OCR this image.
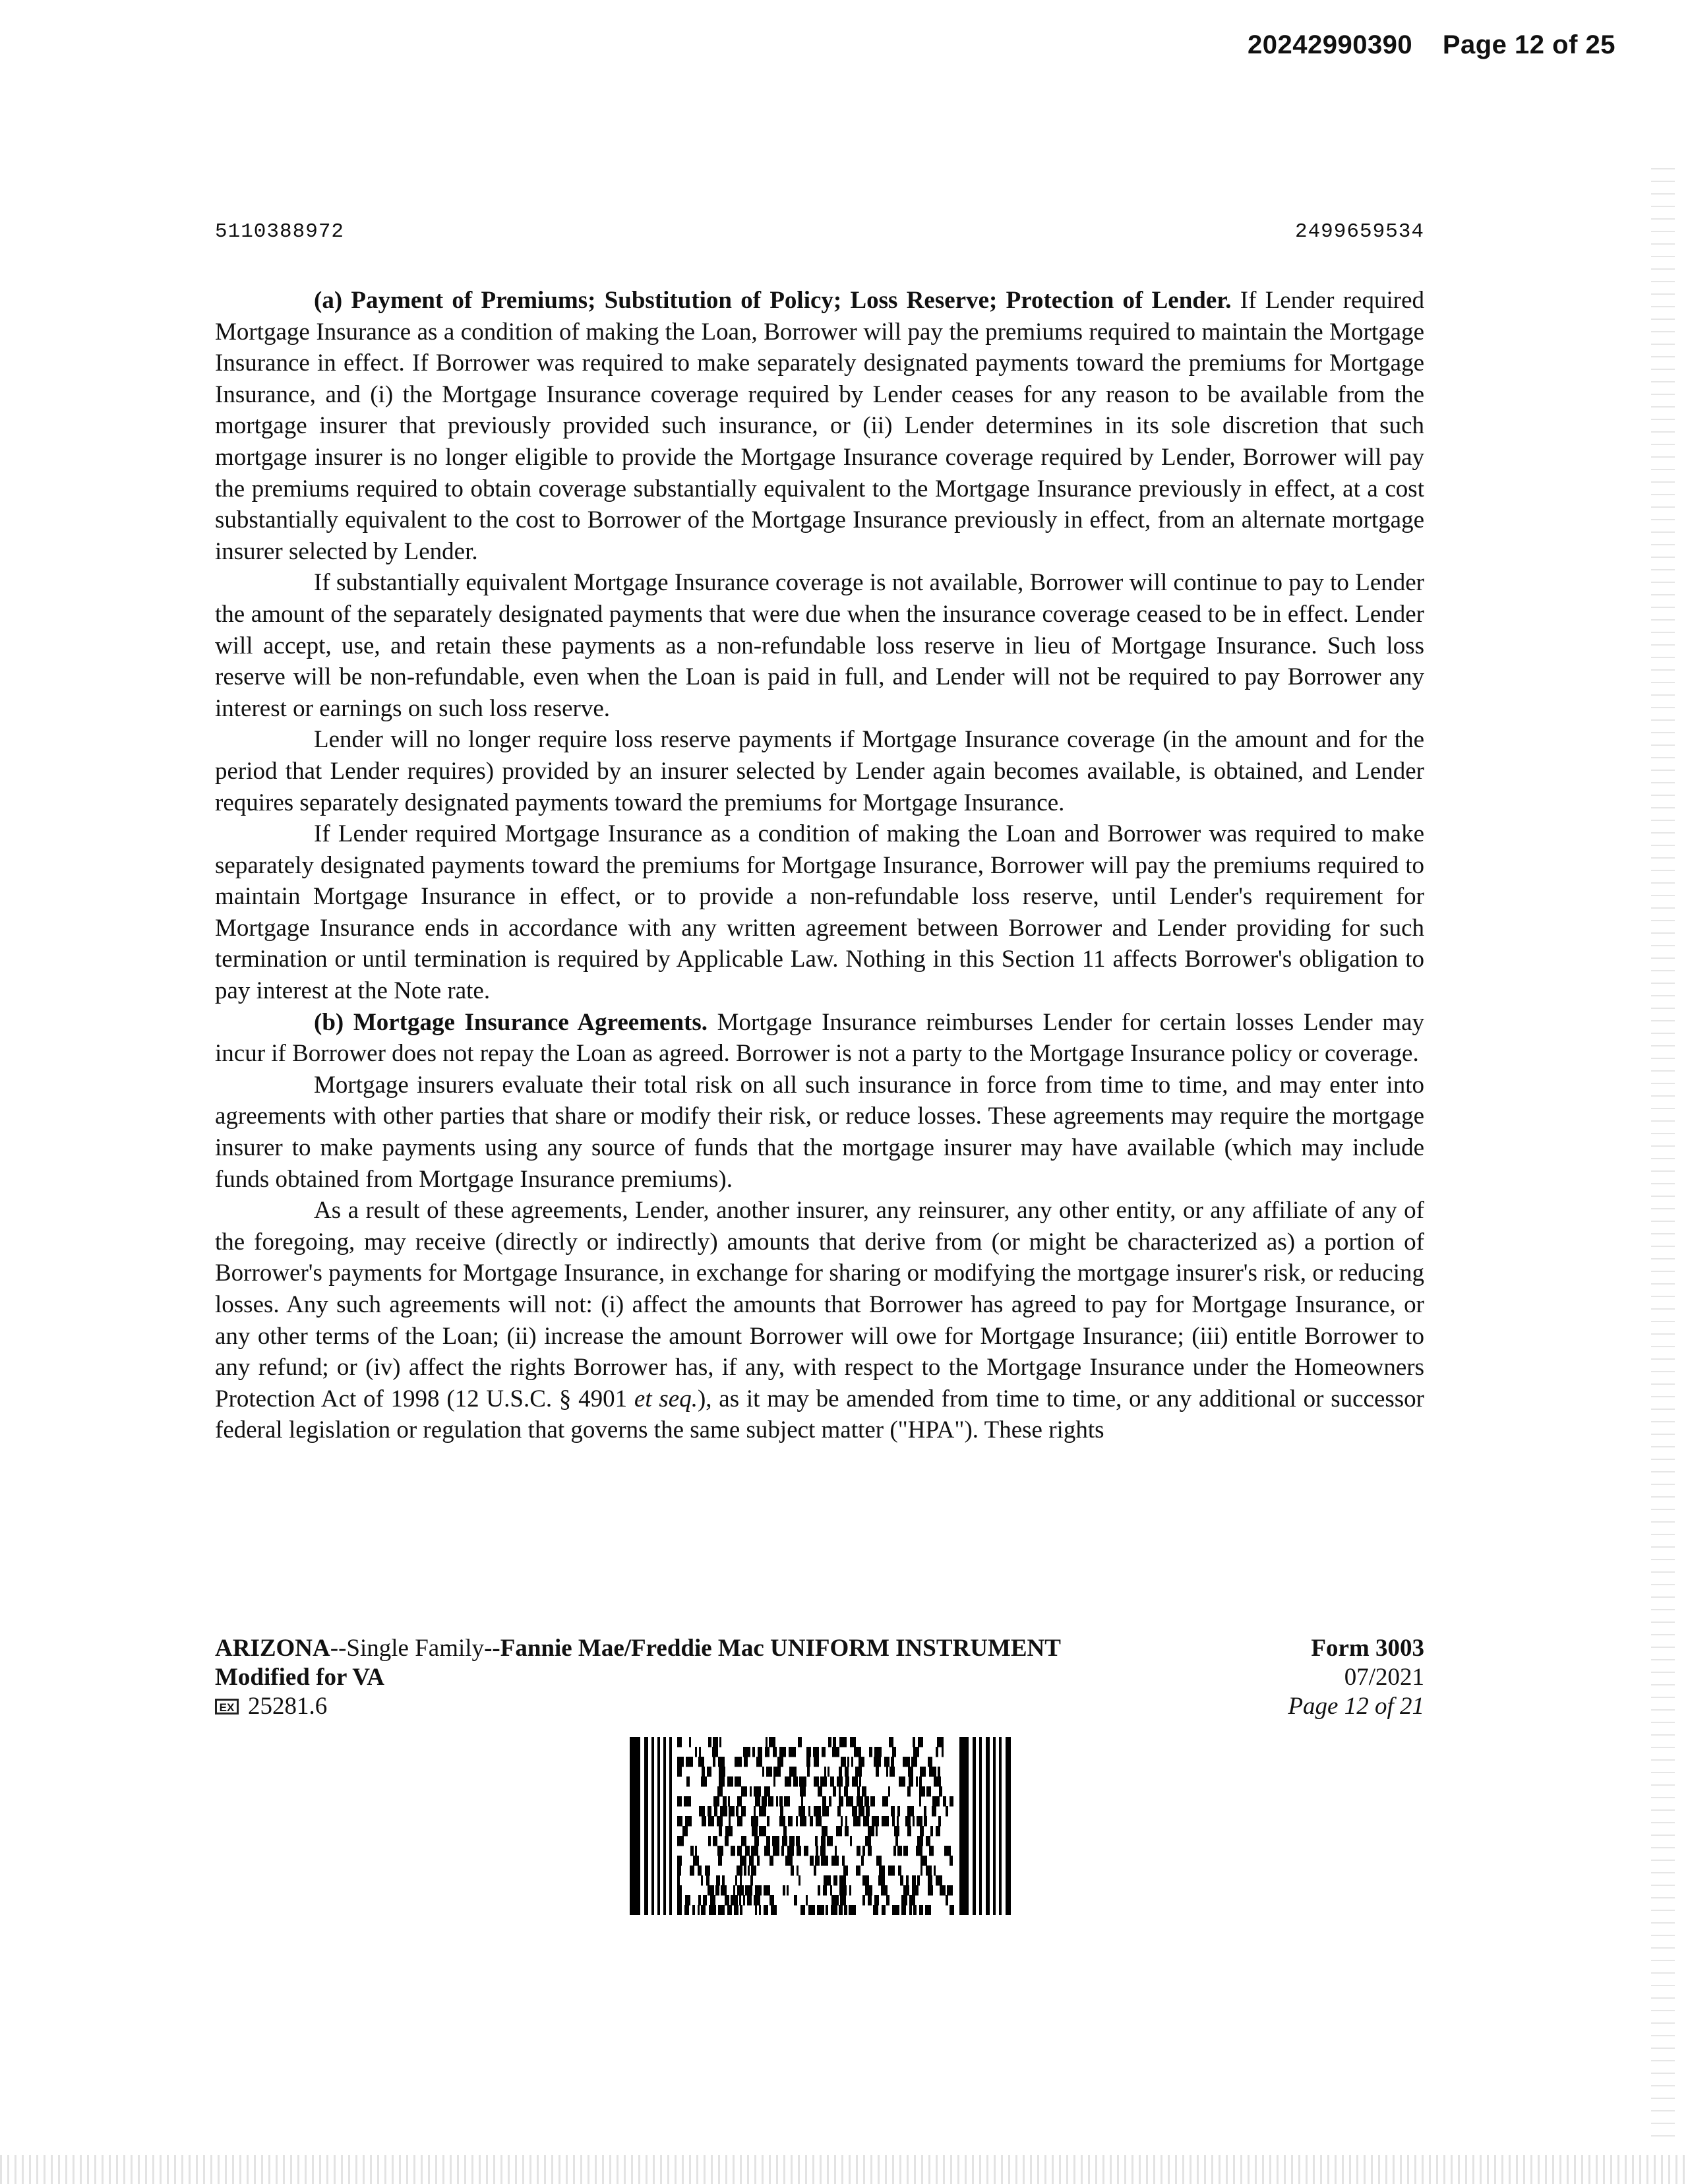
20242990390 Page 12 of 25
5110388972	2499659534

(a) Payment of Premiums; Substitution of Policy; Loss Reserve; Protection of Lender. If Lender required Mortgage Insurance as a condition of making the Loan, Borrower will pay the premiums required to maintain the Mortgage Insurance in effect. If Borrower was required to make separately designated payments toward the premiums for Mortgage Insurance, and (i) the Mortgage Insurance coverage required by Lender ceases for any reason to be available from the mortgage insurer that previously provided such insurance, or (ii) Lender determines in its sole discretion that such mortgage insurer is no longer eligible to provide the Mortgage Insurance coverage required by Lender, Borrower will pay the premiums required to obtain coverage substantially equivalent to the Mortgage Insurance previously in effect, at a cost substantially equivalent to the cost to Borrower of the Mortgage Insurance previously in effect, from an alternate mortgage insurer selected by Lender.

If substantially equivalent Mortgage Insurance coverage is not available, Borrower will continue to pay to Lender the amount of the separately designated payments that were due when the insurance coverage ceased to be in effect. Lender will accept, use, and retain these payments as a non-refundable loss reserve in lieu of Mortgage Insurance. Such loss reserve will be non-refundable, even when the Loan is paid in full, and Lender will not be required to pay Borrower any interest or earnings on such loss reserve.

Lender will no longer require loss reserve payments if Mortgage Insurance coverage (in the amount and for the period that Lender requires) provided by an insurer selected by Lender again becomes available, is obtained, and Lender requires separately designated payments toward the premiums for Mortgage Insurance.

If Lender required Mortgage Insurance as a condition of making the Loan and Borrower was required to make separately designated payments toward the premiums for Mortgage Insurance, Borrower will pay the premiums required to maintain Mortgage Insurance in effect, or to provide a non-refundable loss reserve, until Lender's requirement for Mortgage Insurance ends in accordance with any written agreement between Borrower and Lender providing for such termination or until termination is required by Applicable Law. Nothing in this Section 11 affects Borrower's obligation to pay interest at the Note rate.

(b) Mortgage Insurance Agreements. Mortgage Insurance reimburses Lender for certain losses Lender may incur if Borrower does not repay the Loan as agreed. Borrower is not a party to the Mortgage Insurance policy or coverage.

Mortgage insurers evaluate their total risk on all such insurance in force from time to time, and may enter into agreements with other parties that share or modify their risk, or reduce losses. These agreements may require the mortgage insurer to make payments using any source of funds that the mortgage insurer may have available (which may include funds obtained from Mortgage Insurance premiums).

As a result of these agreements, Lender, another insurer, any reinsurer, any other entity, or any affiliate of any of the foregoing, may receive (directly or indirectly) amounts that derive from (or might be characterized as) a portion of Borrower's payments for Mortgage Insurance, in exchange for sharing or modifying the mortgage insurer's risk, or reducing losses. Any such agreements will not: (i) affect the amounts that Borrower has agreed to pay for Mortgage Insurance, or any other terms of the Loan; (ii) increase the amount Borrower will owe for Mortgage Insurance; (iii) entitle Borrower to any refund; or (iv) affect the rights Borrower has, if any, with respect to the Mortgage Insurance under the Homeowners Protection Act of 1998 (12 U.S.C. § 4901 et seq.), as it may be amended from time to time, or any additional or successor federal legislation or regulation that governs the same subject matter ("HPA"). These rights

ARIZONA--Single Family--Fannie Mae/Freddie Mac UNIFORM INSTRUMENT
Modified for VA
EX 25281.6
Form 3003
07/2021
Page 12 of 21
